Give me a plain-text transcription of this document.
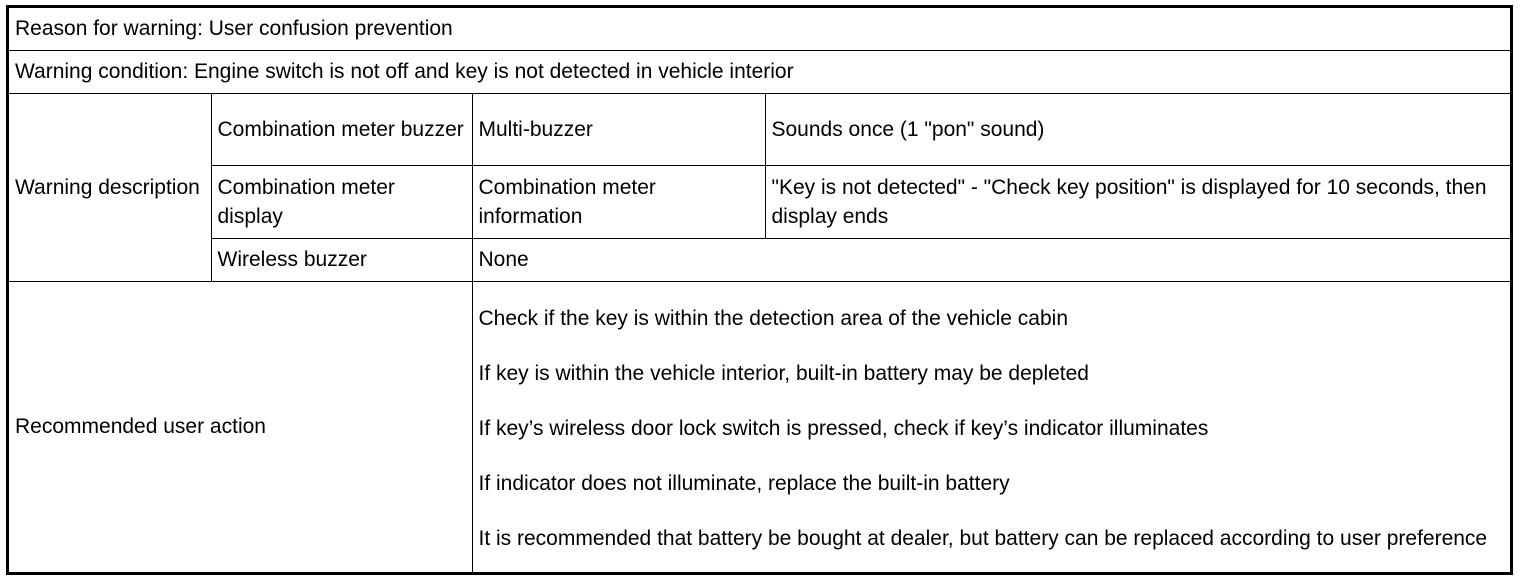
Reason for warning: User confusion prevention			
Warning condition: Engine switch is not off and key is not detected in vehicle interior			
Warning description	Combination meter buzzer	Multi-buzzer	Sounds once (1 "pon" sound)
	Combination meter display	Combination meter information	"Key is not detected" - "Check key position" is displayed for 10 seconds, then display ends
	Wireless buzzer	None	
Recommended user action		Check if the key is within the detection area of the vehicle cabin
If key is within the vehicle interior, built-in battery may be depleted
If key’s wireless door lock switch is pressed, check if key’s indicator illuminates
If indicator does not illuminate, replace the built-in battery
It is recommended that battery be bought at dealer, but battery can be replaced according to user preference	
